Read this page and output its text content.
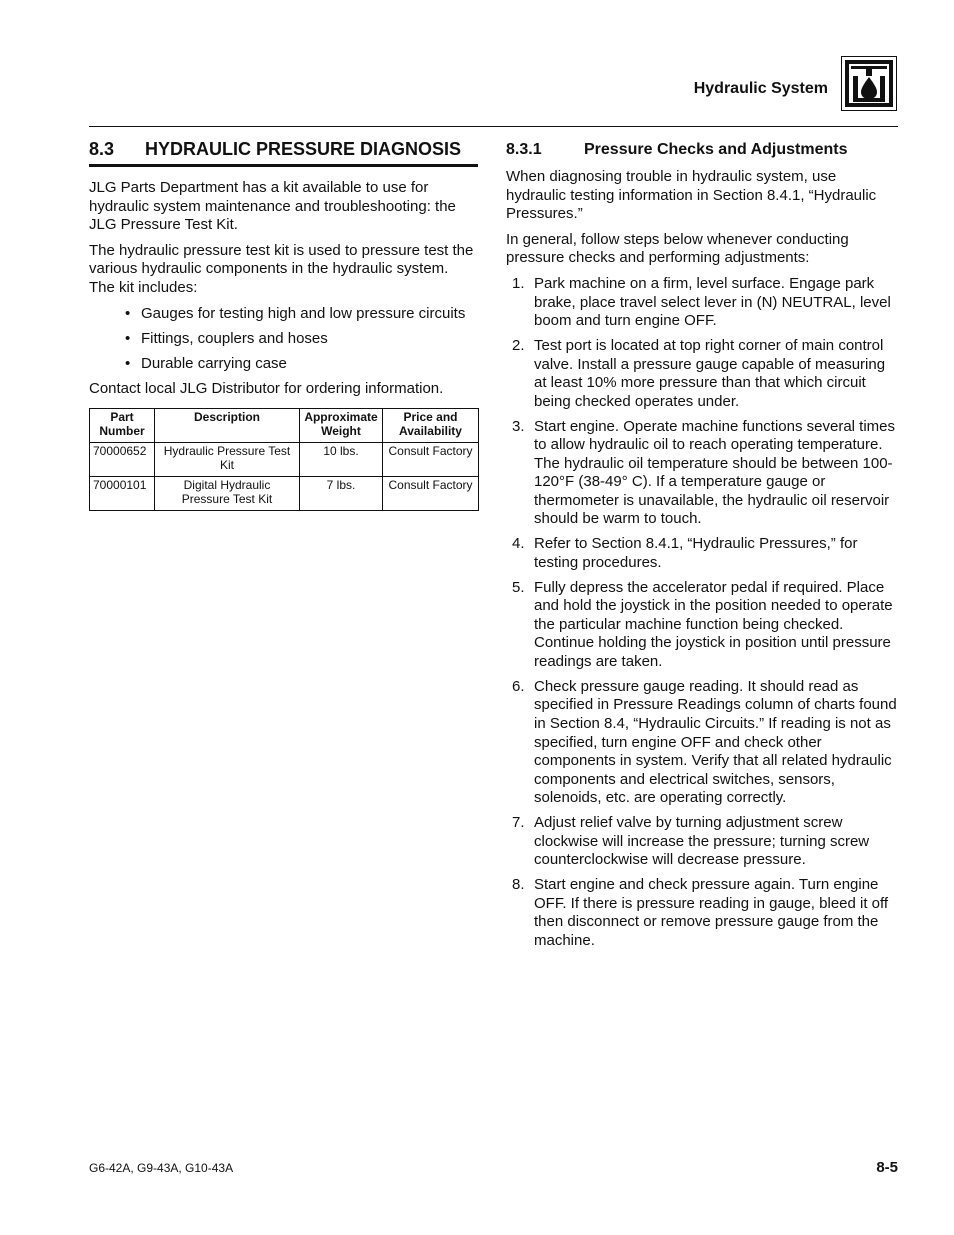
Hydraulic System
8.3	HYDRAULIC PRESSURE DIAGNOSIS

JLG Parts Department has a kit available to use for hydraulic system maintenance and troubleshooting: the JLG Pressure Test Kit.

The hydraulic pressure test kit is used to pressure test the various hydraulic components in the hydraulic system. The kit includes:

• Gauges for testing high and low pressure circuits
• Fittings, couplers and hoses
• Durable carrying case

Contact local JLG Distributor for ordering information.

Part Number	Description	Approximate Weight	Price and Availability
70000652	Hydraulic Pressure Test Kit	10 lbs.	Consult Factory
70000101	Digital Hydraulic Pressure Test Kit	7 lbs.	Consult Factory
8.3.1	Pressure Checks and Adjustments

When diagnosing trouble in hydraulic system, use hydraulic testing information in Section 8.4.1, “Hydraulic Pressures.”

In general, follow steps below whenever conducting pressure checks and performing adjustments:

1. Park machine on a firm, level surface. Engage park brake, place travel select lever in (N) NEUTRAL, level boom and turn engine OFF.
2. Test port is located at top right corner of main control valve. Install a pressure gauge capable of measuring at least 10% more pressure than that which circuit being checked operates under.
3. Start engine. Operate machine functions several times to allow hydraulic oil to reach operating temperature. The hydraulic oil temperature should be between 100-120°F (38-49° C). If a temperature gauge or thermometer is unavailable, the hydraulic oil reservoir should be warm to touch.
4. Refer to Section 8.4.1, “Hydraulic Pressures,” for testing procedures.
5. Fully depress the accelerator pedal if required. Place and hold the joystick in the position needed to operate the particular machine function being checked. Continue holding the joystick in position until pressure readings are taken.
6. Check pressure gauge reading. It should read as specified in Pressure Readings column of charts found in Section 8.4, “Hydraulic Circuits.” If reading is not as specified, turn engine OFF and check other components in system. Verify that all related hydraulic components and electrical switches, sensors, solenoids, etc. are operating correctly.
7. Adjust relief valve by turning adjustment screw clockwise will increase the pressure; turning screw counterclockwise will decrease pressure.
8. Start engine and check pressure again. Turn engine OFF. If there is pressure reading in gauge, bleed it off then disconnect or remove pressure gauge from the machine.
G6-42A, G9-43A, G10-43A	8-5
